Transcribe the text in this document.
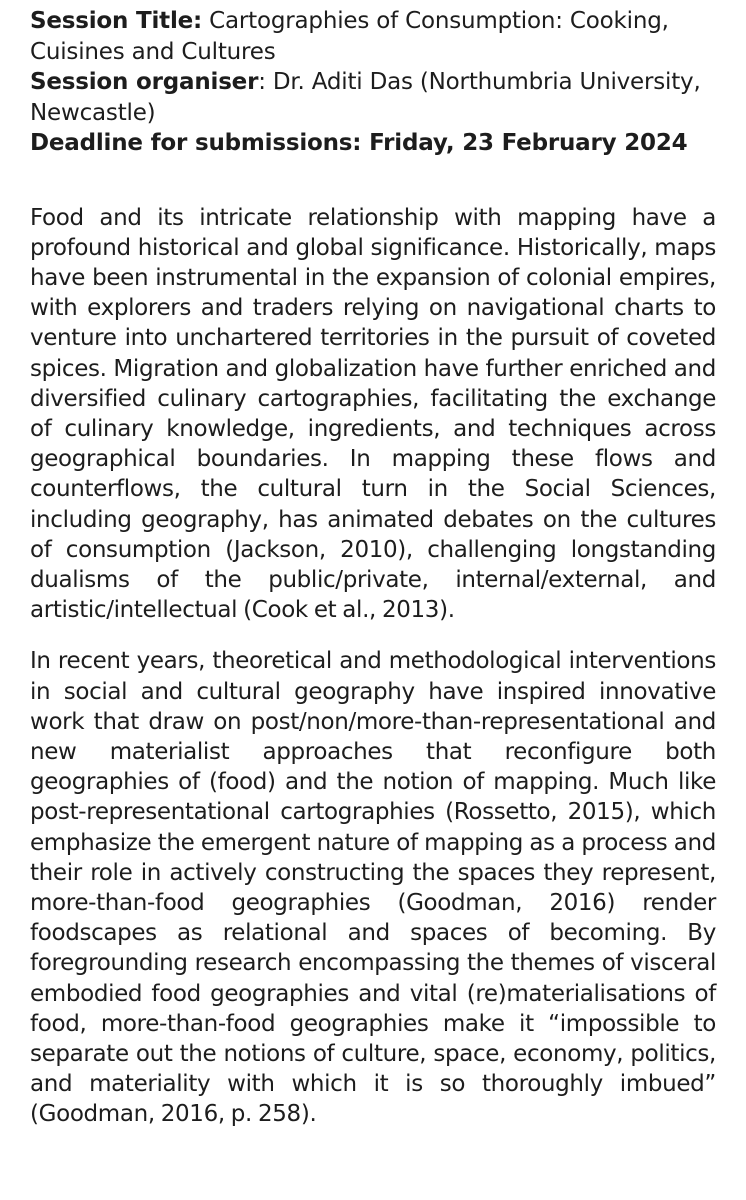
Session Title: Cartographies of Consumption: Cooking, Cuisines and Cultures

Session organiser: Dr. Aditi Das (Northumbria University, Newcastle)

Deadline for submissions: Friday, 23 February 2024

Food and its intricate relationship with mapping have a profound historical and global significance. Historically, maps have been instrumental in the expansion of colonial empires, with explorers and traders relying on navigational charts to venture into unchartered territories in the pursuit of coveted spices. Migration and globalization have further enriched and diversified culinary cartographies, facilitating the exchange of culinary knowledge, ingredients, and techniques across geographical boundaries. In mapping these flows and counterflows, the cultural turn in the Social Sciences, including geography, has animated debates on the cultures of consumption (Jackson, 2010), challenging longstanding dualisms of the public/private, internal/external, and artistic/intellectual (Cook et al., 2013).

In recent years, theoretical and methodological interventions in social and cultural geography have inspired innovative work that draw on post/non/more-than-representational and new materialist approaches that reconfigure both geographies of (food) and the notion of mapping. Much like post-representational cartographies (Rossetto, 2015), which emphasize the emergent nature of mapping as a process and their role in actively constructing the spaces they represent, more-than-food geographies (Goodman, 2016) render foodscapes as relational and spaces of becoming. By foregrounding research encompassing the themes of visceral embodied food geographies and vital (re)materialisations of food, more-than-food geographies make it “impossible to separate out the notions of culture, space, economy, politics, and materiality with which it is so thoroughly imbued” (Goodman, 2016, p. 258).
